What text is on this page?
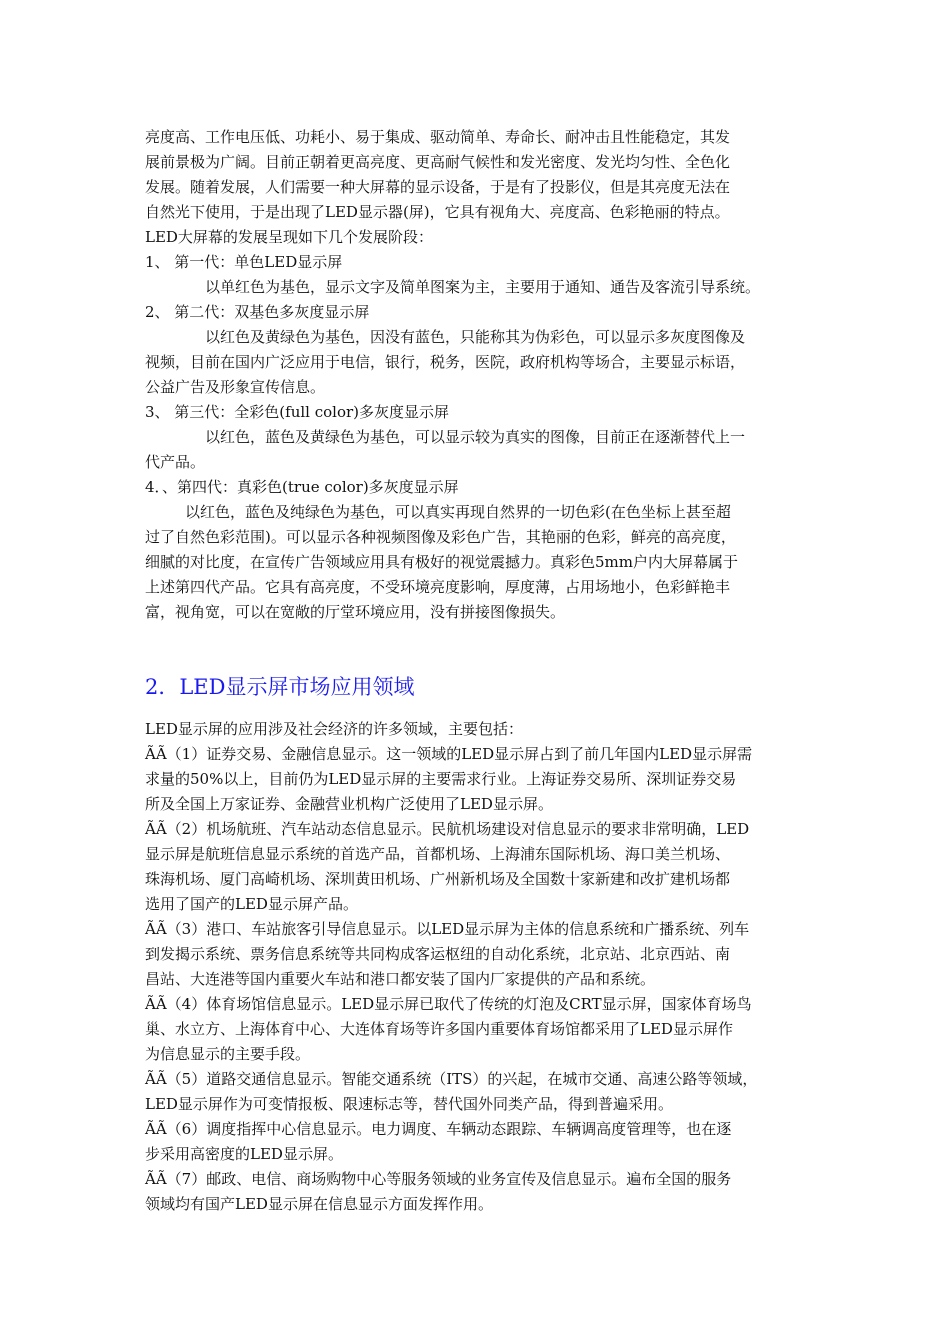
亮度高、工作电压低、功耗小、易于集成、驱动简单、寿命长、耐冲击且性能稳定，其发
展前景极为广阔。目前正朝着更高亮度、更高耐气候性和发光密度、发光均匀性、全色化
发展。随着发展，人们需要一种大屏幕的显示设备，于是有了投影仪，但是其亮度无法在
自然光下使用，于是出现了LED显示器(屏)，它具有视角大、亮度高、色彩艳丽的特点。
LED大屏幕的发展呈现如下几个发展阶段：
1、 第一代：单色LED显示屏
以单红色为基色，显示文字及简单图案为主，主要用于通知、通告及客流引导系统。
2、 第二代：双基色多灰度显示屏
以红色及黄绿色为基色，因没有蓝色，只能称其为伪彩色，可以显示多灰度图像及
视频，目前在国内广泛应用于电信，银行，税务，医院，政府机构等场合，主要显示标语，
公益广告及形象宣传信息。
3、 第三代：全彩色(full color)多灰度显示屏
以红色，蓝色及黄绿色为基色，可以显示较为真实的图像，目前正在逐渐替代上一
代产品。
4．、第四代：真彩色(true color)多灰度显示屏
以红色，蓝色及纯绿色为基色，可以真实再现自然界的一切色彩(在色坐标上甚至超
过了自然色彩范围)。可以显示各种视频图像及彩色广告，其艳丽的色彩，鲜亮的高亮度，
细腻的对比度，在宣传广告领域应用具有极好的视觉震撼力。真彩色5mm户内大屏幕属于
上述第四代产品。它具有高亮度，不受环境亮度影响，厚度薄，占用场地小，色彩鲜艳丰
富，视角宽，可以在宽敞的厅堂环境应用，没有拼接图像损失。
2．LED显示屏市场应用领域
LED显示屏的应用涉及社会经济的许多领域，主要包括：
ÃÃ（1）证券交易、金融信息显示。这一领域的LED显示屏占到了前几年国内LED显示屏需
求量的50%以上，目前仍为LED显示屏的主要需求行业。上海证券交易所、深圳证券交易
所及全国上万家证券、金融营业机构广泛使用了LED显示屏。
ÃÃ（2）机场航班、汽车站动态信息显示。民航机场建设对信息显示的要求非常明确，LED
显示屏是航班信息显示系统的首选产品，首都机场、上海浦东国际机场、海口美兰机场、
珠海机场、厦门高崎机场、深圳黄田机场、广州新机场及全国数十家新建和改扩建机场都
选用了国产的LED显示屏产品。
ÃÃ（3）港口、车站旅客引导信息显示。以LED显示屏为主体的信息系统和广播系统、列车
到发揭示系统、票务信息系统等共同构成客运枢纽的自动化系统，北京站、北京西站、南
昌站、大连港等国内重要火车站和港口都安装了国内厂家提供的产品和系统。
ÃÃ（4）体育场馆信息显示。LED显示屏已取代了传统的灯泡及CRT显示屏，国家体育场鸟
巢、水立方、上海体育中心、大连体育场等许多国内重要体育场馆都采用了LED显示屏作
为信息显示的主要手段。
ÃÃ（5）道路交通信息显示。智能交通系统（ITS）的兴起，在城市交通、高速公路等领域，
LED显示屏作为可变情报板、限速标志等，替代国外同类产品，得到普遍采用。
ÃÃ（6）调度指挥中心信息显示。电力调度、车辆动态跟踪、车辆调高度管理等，也在逐
步采用高密度的LED显示屏。
ÃÃ（7）邮政、电信、商场购物中心等服务领域的业务宣传及信息显示。遍布全国的服务
领域均有国产LED显示屏在信息显示方面发挥作用。
